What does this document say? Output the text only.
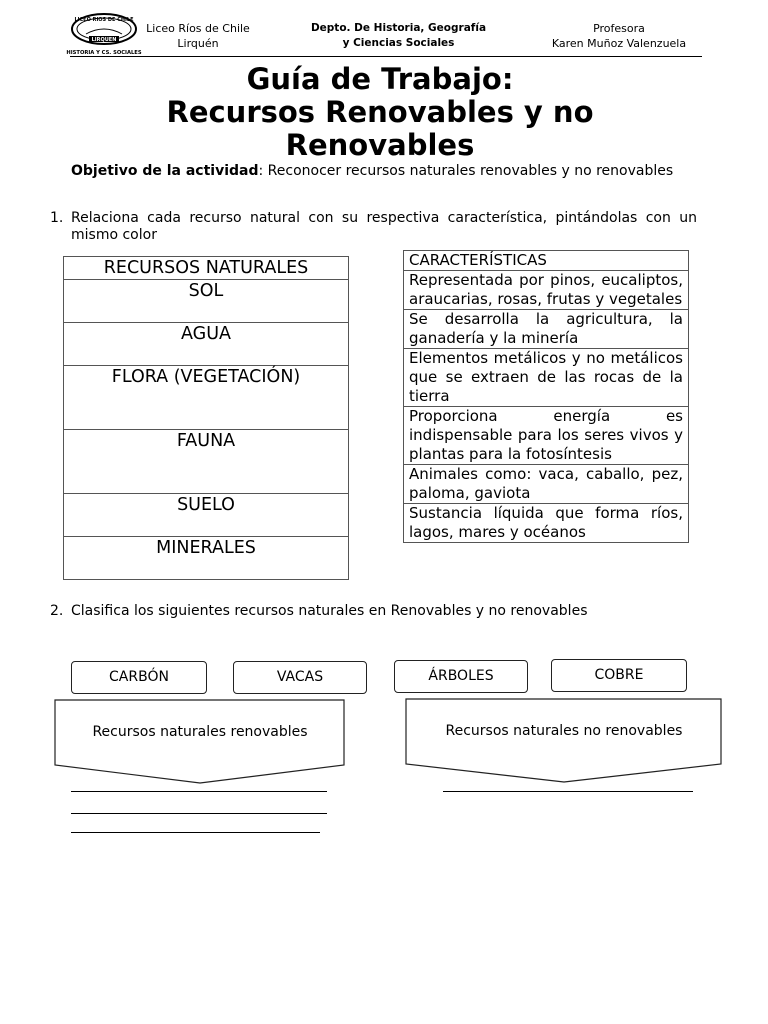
LICEO RIOS DE CHILE
LIRQUEN
HISTORIA Y CS. SOCIALES
Liceo Ríos de Chile
Lirquén
Depto. De Historia, Geografía
y Ciencias Sociales
Profesora
Karen Muñoz Valenzuela
Guía de Trabajo:
Recursos Renovables y no Renovables
Objetivo de la actividad: Reconocer recursos naturales renovables y no renovables
1. Relaciona cada recurso natural con su respectiva característica, pintándolas con un mismo color
RECURSOS NATURALES
SOL
AGUA
FLORA (VEGETACIÓN)
FAUNA
SUELO
MINERALES
CARACTERÍSTICAS
Representada por pinos, eucaliptos, araucarias, rosas, frutas y vegetales
Se desarrolla la agricultura, la ganadería y la minería
Elementos metálicos y no metálicos que se extraen de las rocas de la tierra
Proporciona energía es indispensable para los seres vivos y plantas para la fotosíntesis
Animales como: vaca, caballo, pez, paloma, gaviota
Sustancia líquida que forma ríos, lagos, mares y océanos
2. Clasifica los siguientes recursos naturales en Renovables y no renovables
CARBÓN	VACAS	ÁRBOLES	COBRE
Recursos naturales renovables	Recursos naturales no renovables
